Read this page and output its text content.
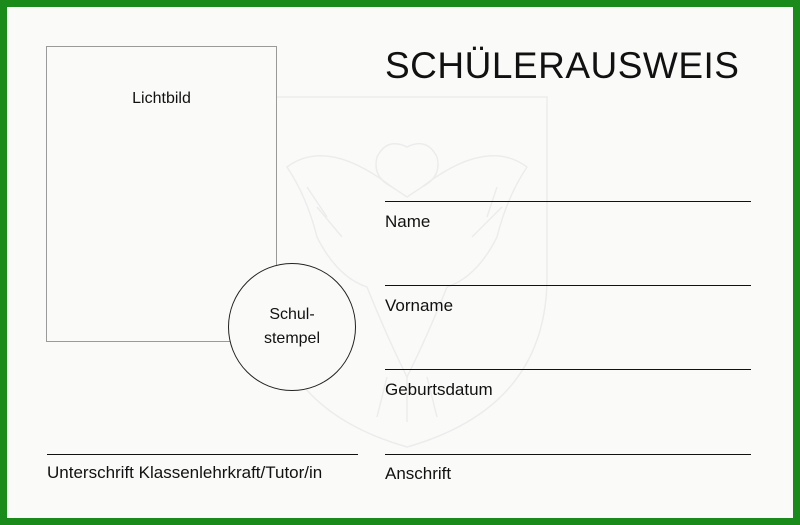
SCHÜLERAUSWEIS
Lichtbild
Schul-
stempel
Name
Vorname
Geburtsdatum
Anschrift
Unterschrift Klassenlehrkraft/Tutor/in
